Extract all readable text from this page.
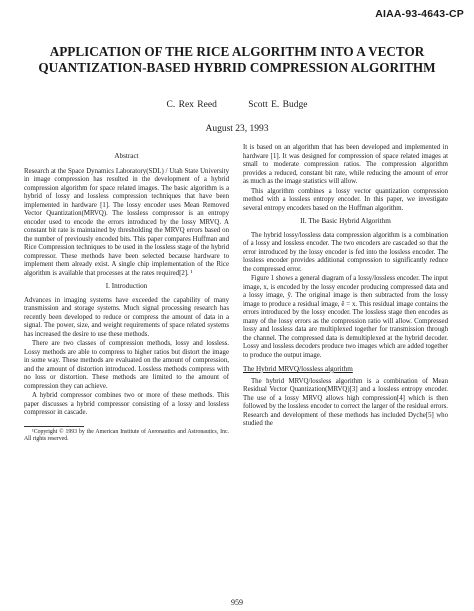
AIAA-93-4643-CP
APPLICATION OF THE RICE ALGORITHM INTO A VECTOR QUANTIZATION-BASED HYBRID COMPRESSION ALGORITHM
C. Rex Reed	Scott E. Budge
August 23, 1993
Abstract

Research at the Space Dynamics Laboratory(SDL) / Utah State University in image compression has resulted in the development of a hybrid compression algorithm for space related images. The basic algorithm is a hybrid of lossy and lossless compression techniques that have been implemented in hardware [1]. The lossy encoder uses Mean Removed Vector Quantization(MRVQ). The lossless compressor is an entropy encoder used to encode the errors introduced by the lossy MRVQ. A constant bit rate is maintained by thresholding the MRVQ errors based on the number of previously encoded bits. This paper compares Huffman and Rice Compression techniques to be used in the lossless stage of the hybrid compressor. These methods have been selected because hardware to implement them already exist. A single chip implementation of the Rice algorithm is available that processes at the rates required[2]. ¹

I. Introduction

Advances in imaging systems have exceeded the capability of many transmission and storage systems. Much signal processing research has recently been developed to reduce or compress the amount of data in a signal. The power, size, and weight requirements of space related systems has increased the desire to use these methods.

There are two classes of compression methods, lossy and lossless. Lossy methods are able to compress to higher ratios but distort the image in some way. These methods are evaluated on the amount of compression, and the amount of distortion introduced. Lossless methods compress with no loss or distortion. These methods are limited to the amount of compression they can achieve.

A hybrid compressor combines two or more of these methods. This paper discusses a hybrid compressor consisting of a lossy and lossless compressor in cascade.

¹Copyright © 1993 by the American Institute of Aeronautics and Astronautics, Inc. All rights reserved.

It is based on an algorithm that has been developed and implemented in hardware [1]. It was designed for compression of space related images at small to moderate compression ratios. The compression algorithm provides a reduced, constant bit rate, while reducing the amount of error as much as the image statistics will allow.

This algorithm combines a lossy vector quantization compression method with a lossless entropy encoder. In this paper, we investigate several entropy encoders based on the Huffman algorithm.

II. The Basic Hybrid Algorithm

The hybrid lossy/lossless data compression algorithm is a combination of a lossy and lossless encoder. The two encoders are cascaded so that the error introduced by the lossy encoder is fed into the lossless encoder. The lossless encoder provides additional compression to significantly reduce the compressed error.

Figure 1 shows a general diagram of a lossy/lossless encoder. The input image, x, is encoded by the lossy encoder producing compressed data and a lossy image, ŷ. The original image is then subtracted from the lossy image to produce a residual image, ê = x. This residual image contains the errors introduced by the lossy encoder. The lossless stage then encodes as many of the lossy errors as the compression ratio will allow. Compressed lossy and lossless data are multiplexed together for transmission through the channel. The compressed data is demultiplexed at the hybrid decoder. Lossy and lossless decoders produce two images which are added together to produce the output image.

The Hybrid MRVQ/lossless algorithm

The hybrid MRVQ/lossless algorithm is a combination of Mean Residual Vector Quantization(MRVQ)[3] and a lossless entropy encoder. The use of a lossy MRVQ allows high compression[4] which is then followed by the lossless encoder to correct the larger of the residual errors. Research and development of these methods has included Dyche[5] who studied the

959
